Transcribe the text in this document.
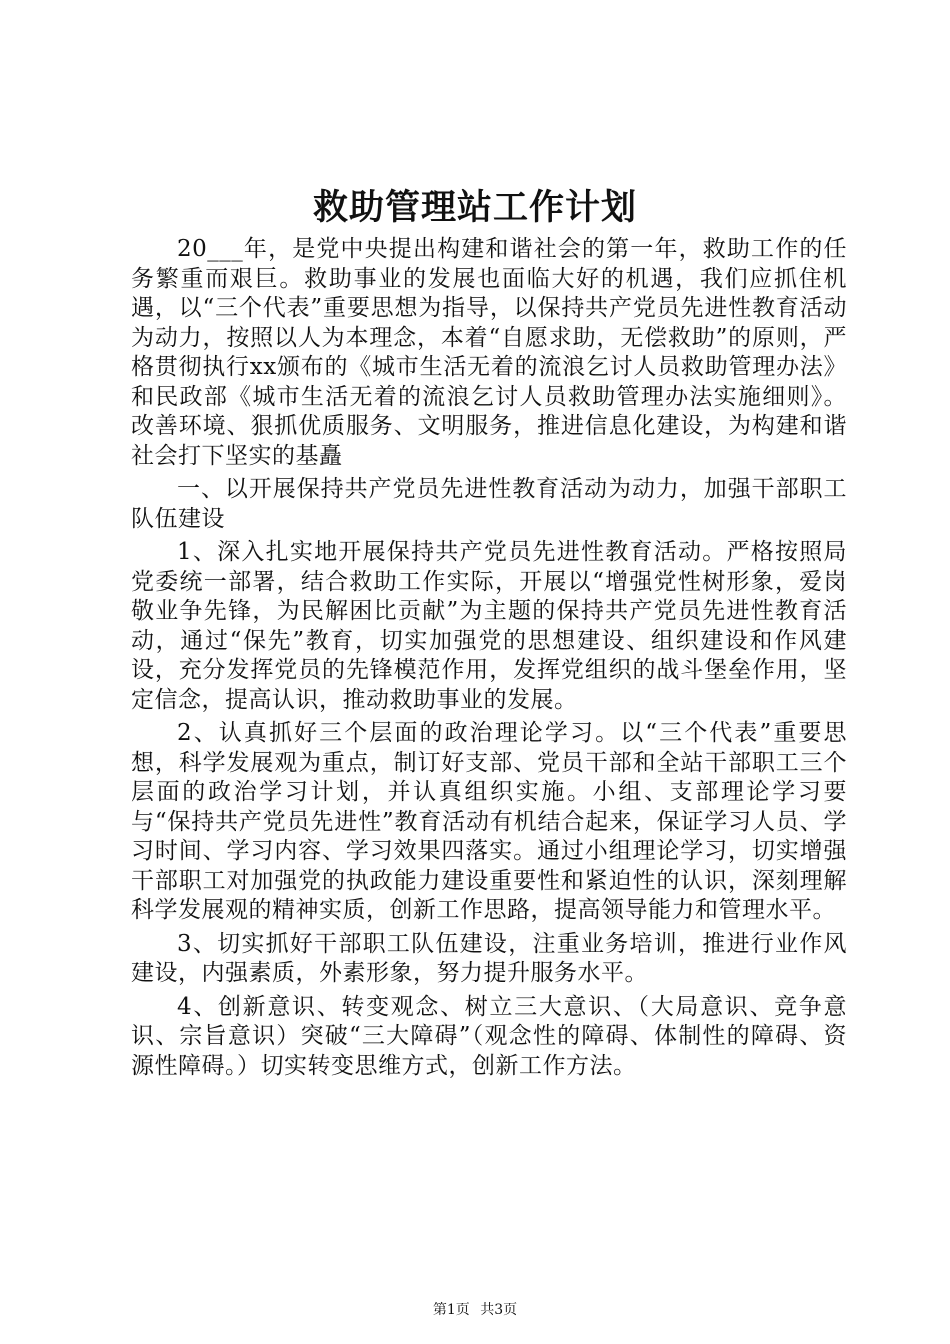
救助管理站工作计划

20___年，是党中央提出构建和谐社会的第一年，救助工作的任务繁重而艰巨。救助事业的发展也面临大好的机遇，我们应抓住机遇，以“三个代表”重要思想为指导，以保持共产党员先进性教育活动为动力，按照以人为本理念，本着“自愿求助，无偿救助”的原则，严格贯彻执行xx颁布的《城市生活无着的流浪乞讨人员救助管理办法》和民政部《城市生活无着的流浪乞讨人员救助管理办法实施细则》。改善环境、狠抓优质服务、文明服务，推进信息化建设，为构建和谐社会打下坚实的基矗

一、以开展保持共产党员先进性教育活动为动力，加强干部职工队伍建设

1、深入扎实地开展保持共产党员先进性教育活动。严格按照局党委统一部署，结合救助工作实际，开展以“增强党性树形象，爱岗敬业争先锋，为民解困比贡献”为主题的保持共产党员先进性教育活动，通过“保先”教育，切实加强党的思想建设、组织建设和作风建设，充分发挥党员的先锋模范作用，发挥党组织的战斗堡垒作用，坚定信念，提高认识，推动救助事业的发展。

2、认真抓好三个层面的政治理论学习。以“三个代表”重要思想，科学发展观为重点，制订好支部、党员干部和全站干部职工三个层面的政治学习计划，并认真组织实施。小组、支部理论学习要与“保持共产党员先进性”教育活动有机结合起来，保证学习人员、学习时间、学习内容、学习效果四落实。通过小组理论学习，切实增强干部职工对加强党的执政能力建设重要性和紧迫性的认识，深刻理解科学发展观的精神实质，创新工作思路，提高领导能力和管理水平。

3、切实抓好干部职工队伍建设，注重业务培训，推进行业作风建设，内强素质，外素形象，努力提升服务水平。

4、创新意识、转变观念、树立三大意识、（大局意识、竞争意识、宗旨意识）突破“三大障碍”（观念性的障碍、体制性的障碍、资源性障碍。）切实转变思维方式，创新工作方法。

第1页 共3页
